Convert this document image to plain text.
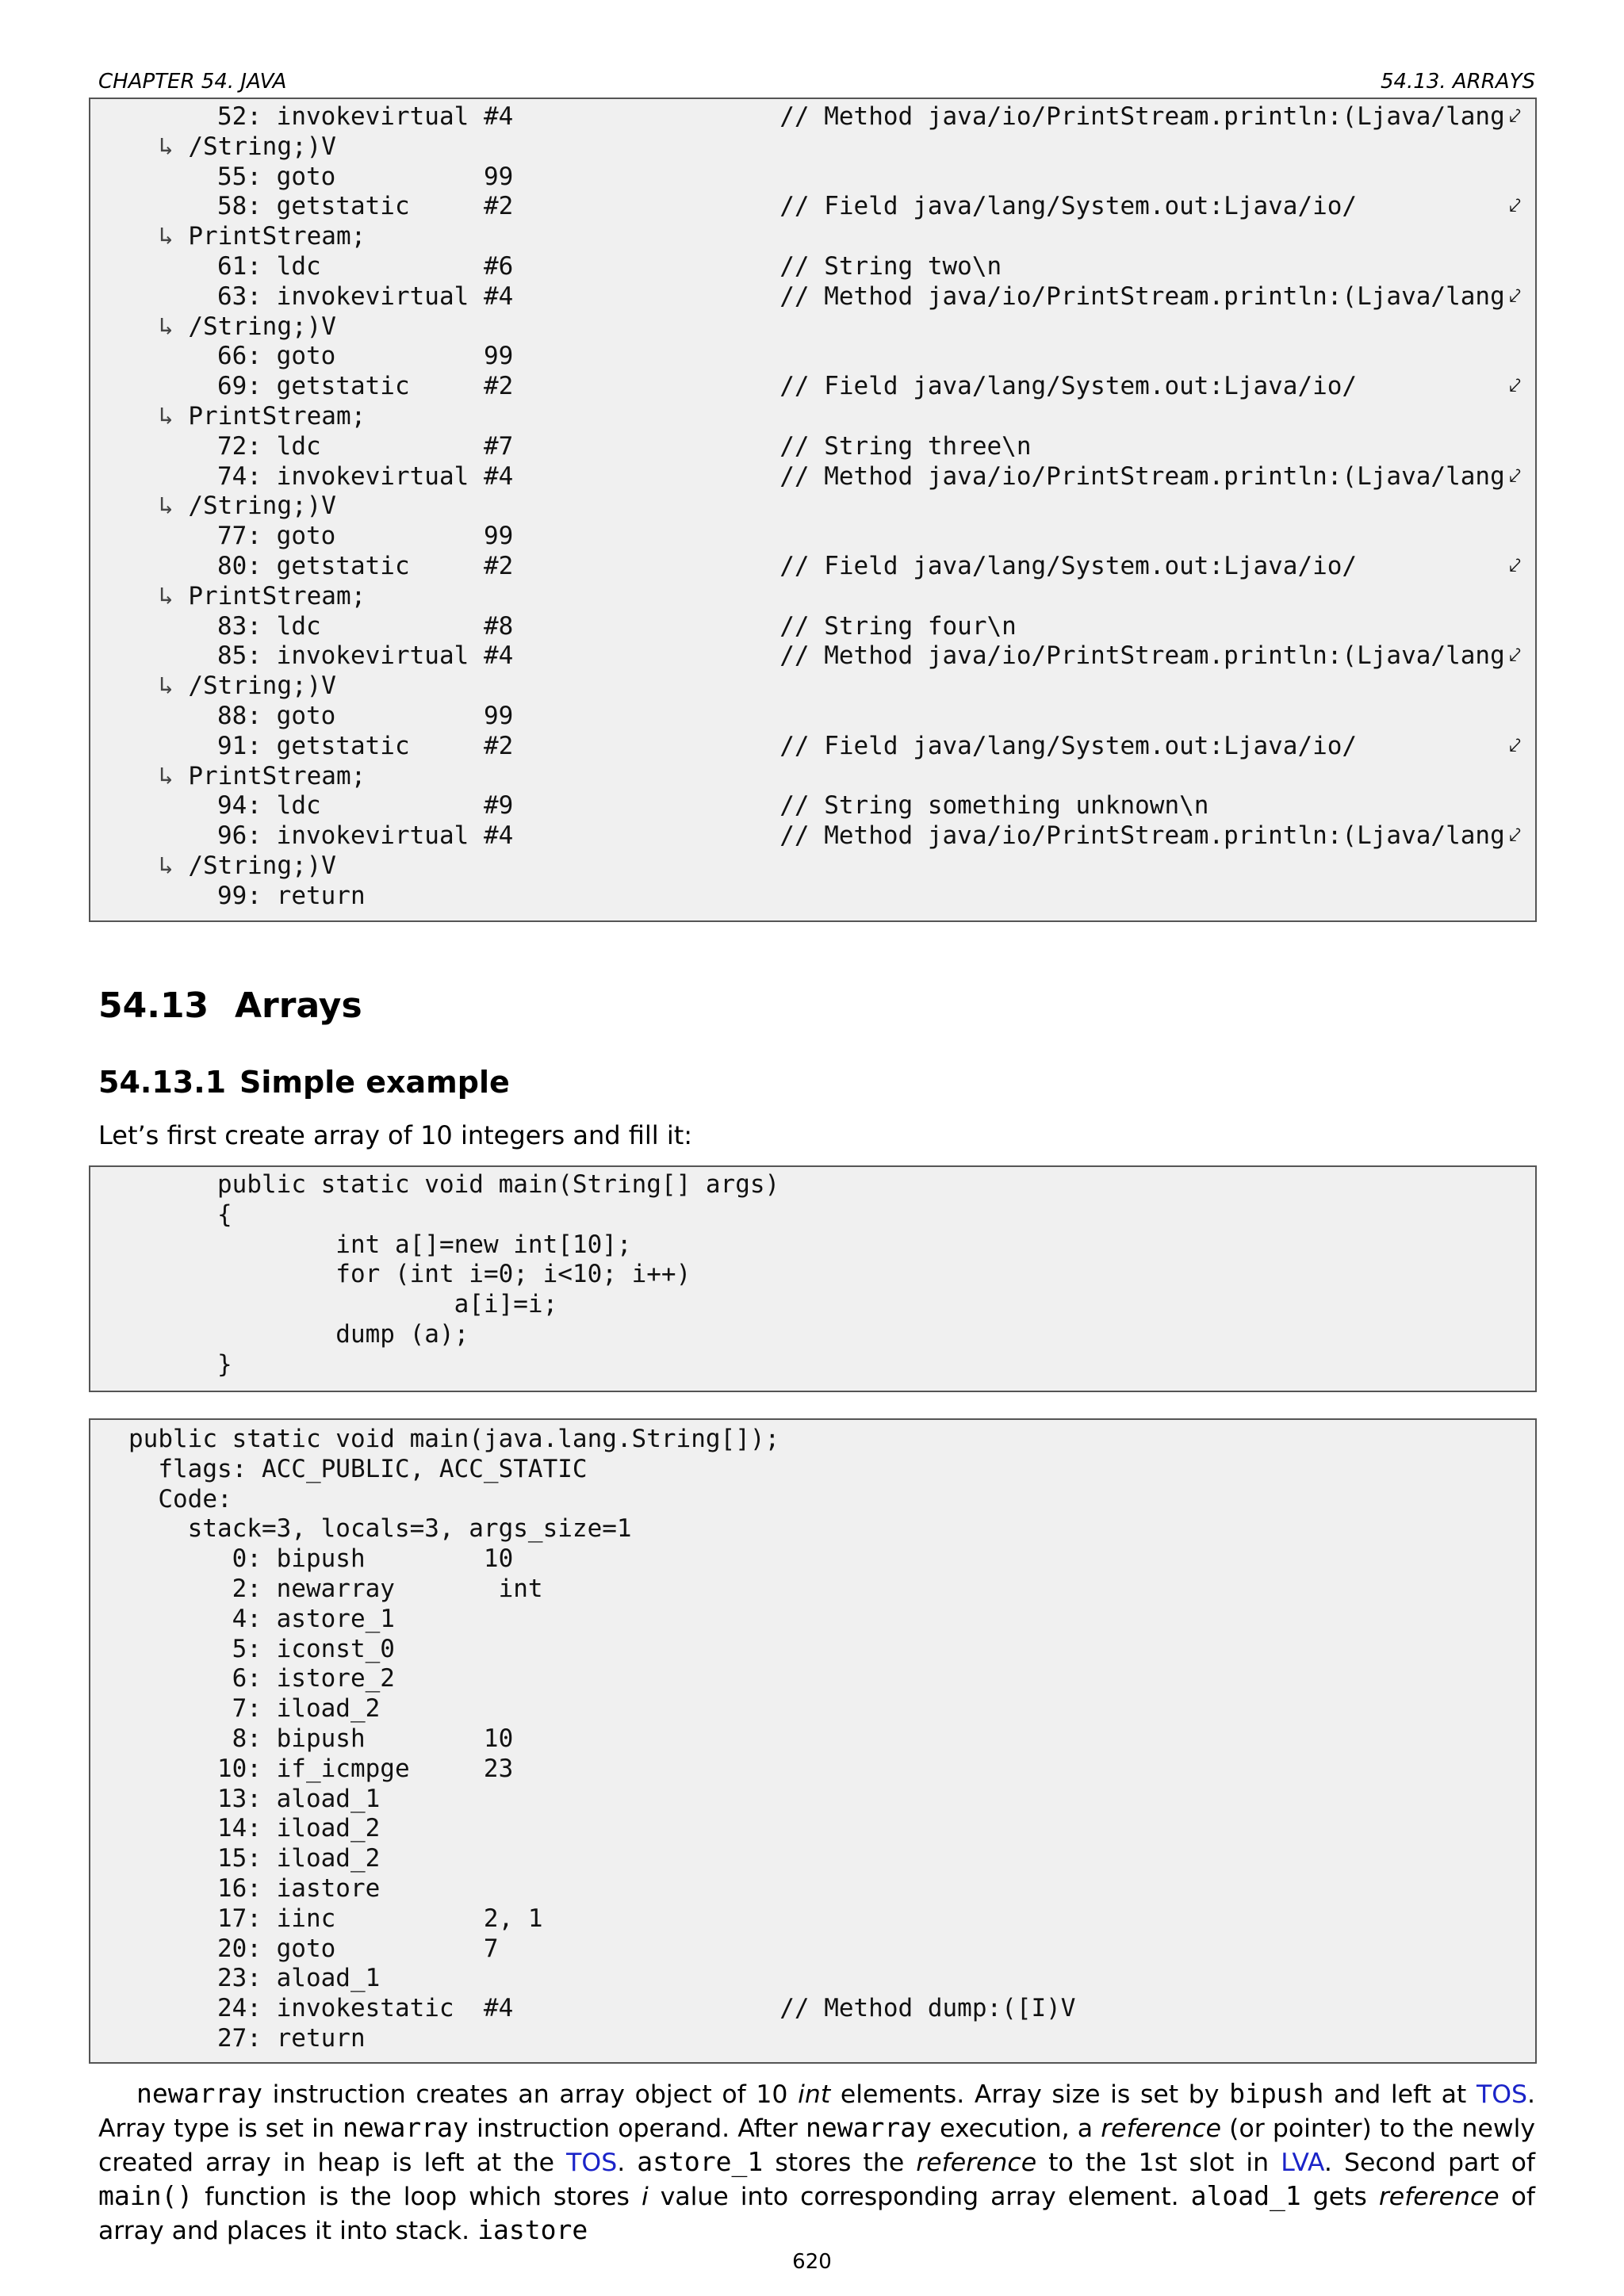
CHAPTER 54. JAVA	54.13. ARRAYS
52: invokevirtual #4                  // Method java/io/PrintStream.println:(Ljava/lang ⤦
↳ /String;)V
55: goto          99
58: getstatic     #2                  // Field java/lang/System.out:Ljava/io/	⤦
↳ PrintStream;
61: ldc           #6                  // String two\n
63: invokevirtual #4                  // Method java/io/PrintStream.println:(Ljava/lang ⤦
↳ /String;)V
66: goto          99
69: getstatic     #2                  // Field java/lang/System.out:Ljava/io/	⤦
↳ PrintStream;
72: ldc           #7                  // String three\n
74: invokevirtual #4                  // Method java/io/PrintStream.println:(Ljava/lang ⤦
↳ /String;)V
77: goto          99
80: getstatic     #2                  // Field java/lang/System.out:Ljava/io/	⤦
↳ PrintStream;
83: ldc           #8                  // String four\n
85: invokevirtual #4                  // Method java/io/PrintStream.println:(Ljava/lang ⤦
↳ /String;)V
88: goto          99
91: getstatic     #2                  // Field java/lang/System.out:Ljava/io/	⤦
↳ PrintStream;
94: ldc           #9                  // String something unknown\n
96: invokevirtual #4                  // Method java/io/PrintStream.println:(Ljava/lang ⤦
↳ /String;)V
99: return
54.13 Arrays
54.13.1 Simple example
Let’s first create array of 10 integers and fill it:
public static void main(String[] args)
{
int a[]=new int[10];
for (int i=0; i<10; i++)
a[i]=i;
dump (a);
}
public static void main(java.lang.String[]);
flags: ACC_PUBLIC, ACC_STATIC
Code:
stack=3, locals=3, args_size=1
0: bipush        10
2: newarray       int
4: astore_1
5: iconst_0
6: istore_2
7: iload_2
8: bipush        10
10: if_icmpge     23
13: aload_1
14: iload_2
15: iload_2
16: iastore
17: iinc          2, 1
20: goto          7
23: aload_1
24: invokestatic  #4                  // Method dump:([I)V
27: return
newarray instruction creates an array object of 10 int elements. Array size is set by bipush and left at TOS. Array type is set in newarray instruction operand. After newarray execution, a reference (or pointer) to the newly created array in heap is left at the TOS. astore_1 stores the reference to the 1st slot in LVA. Second part of main() function is the loop which stores i value into corresponding array element. aload_1 gets reference of array and places it into stack. iastore
620
